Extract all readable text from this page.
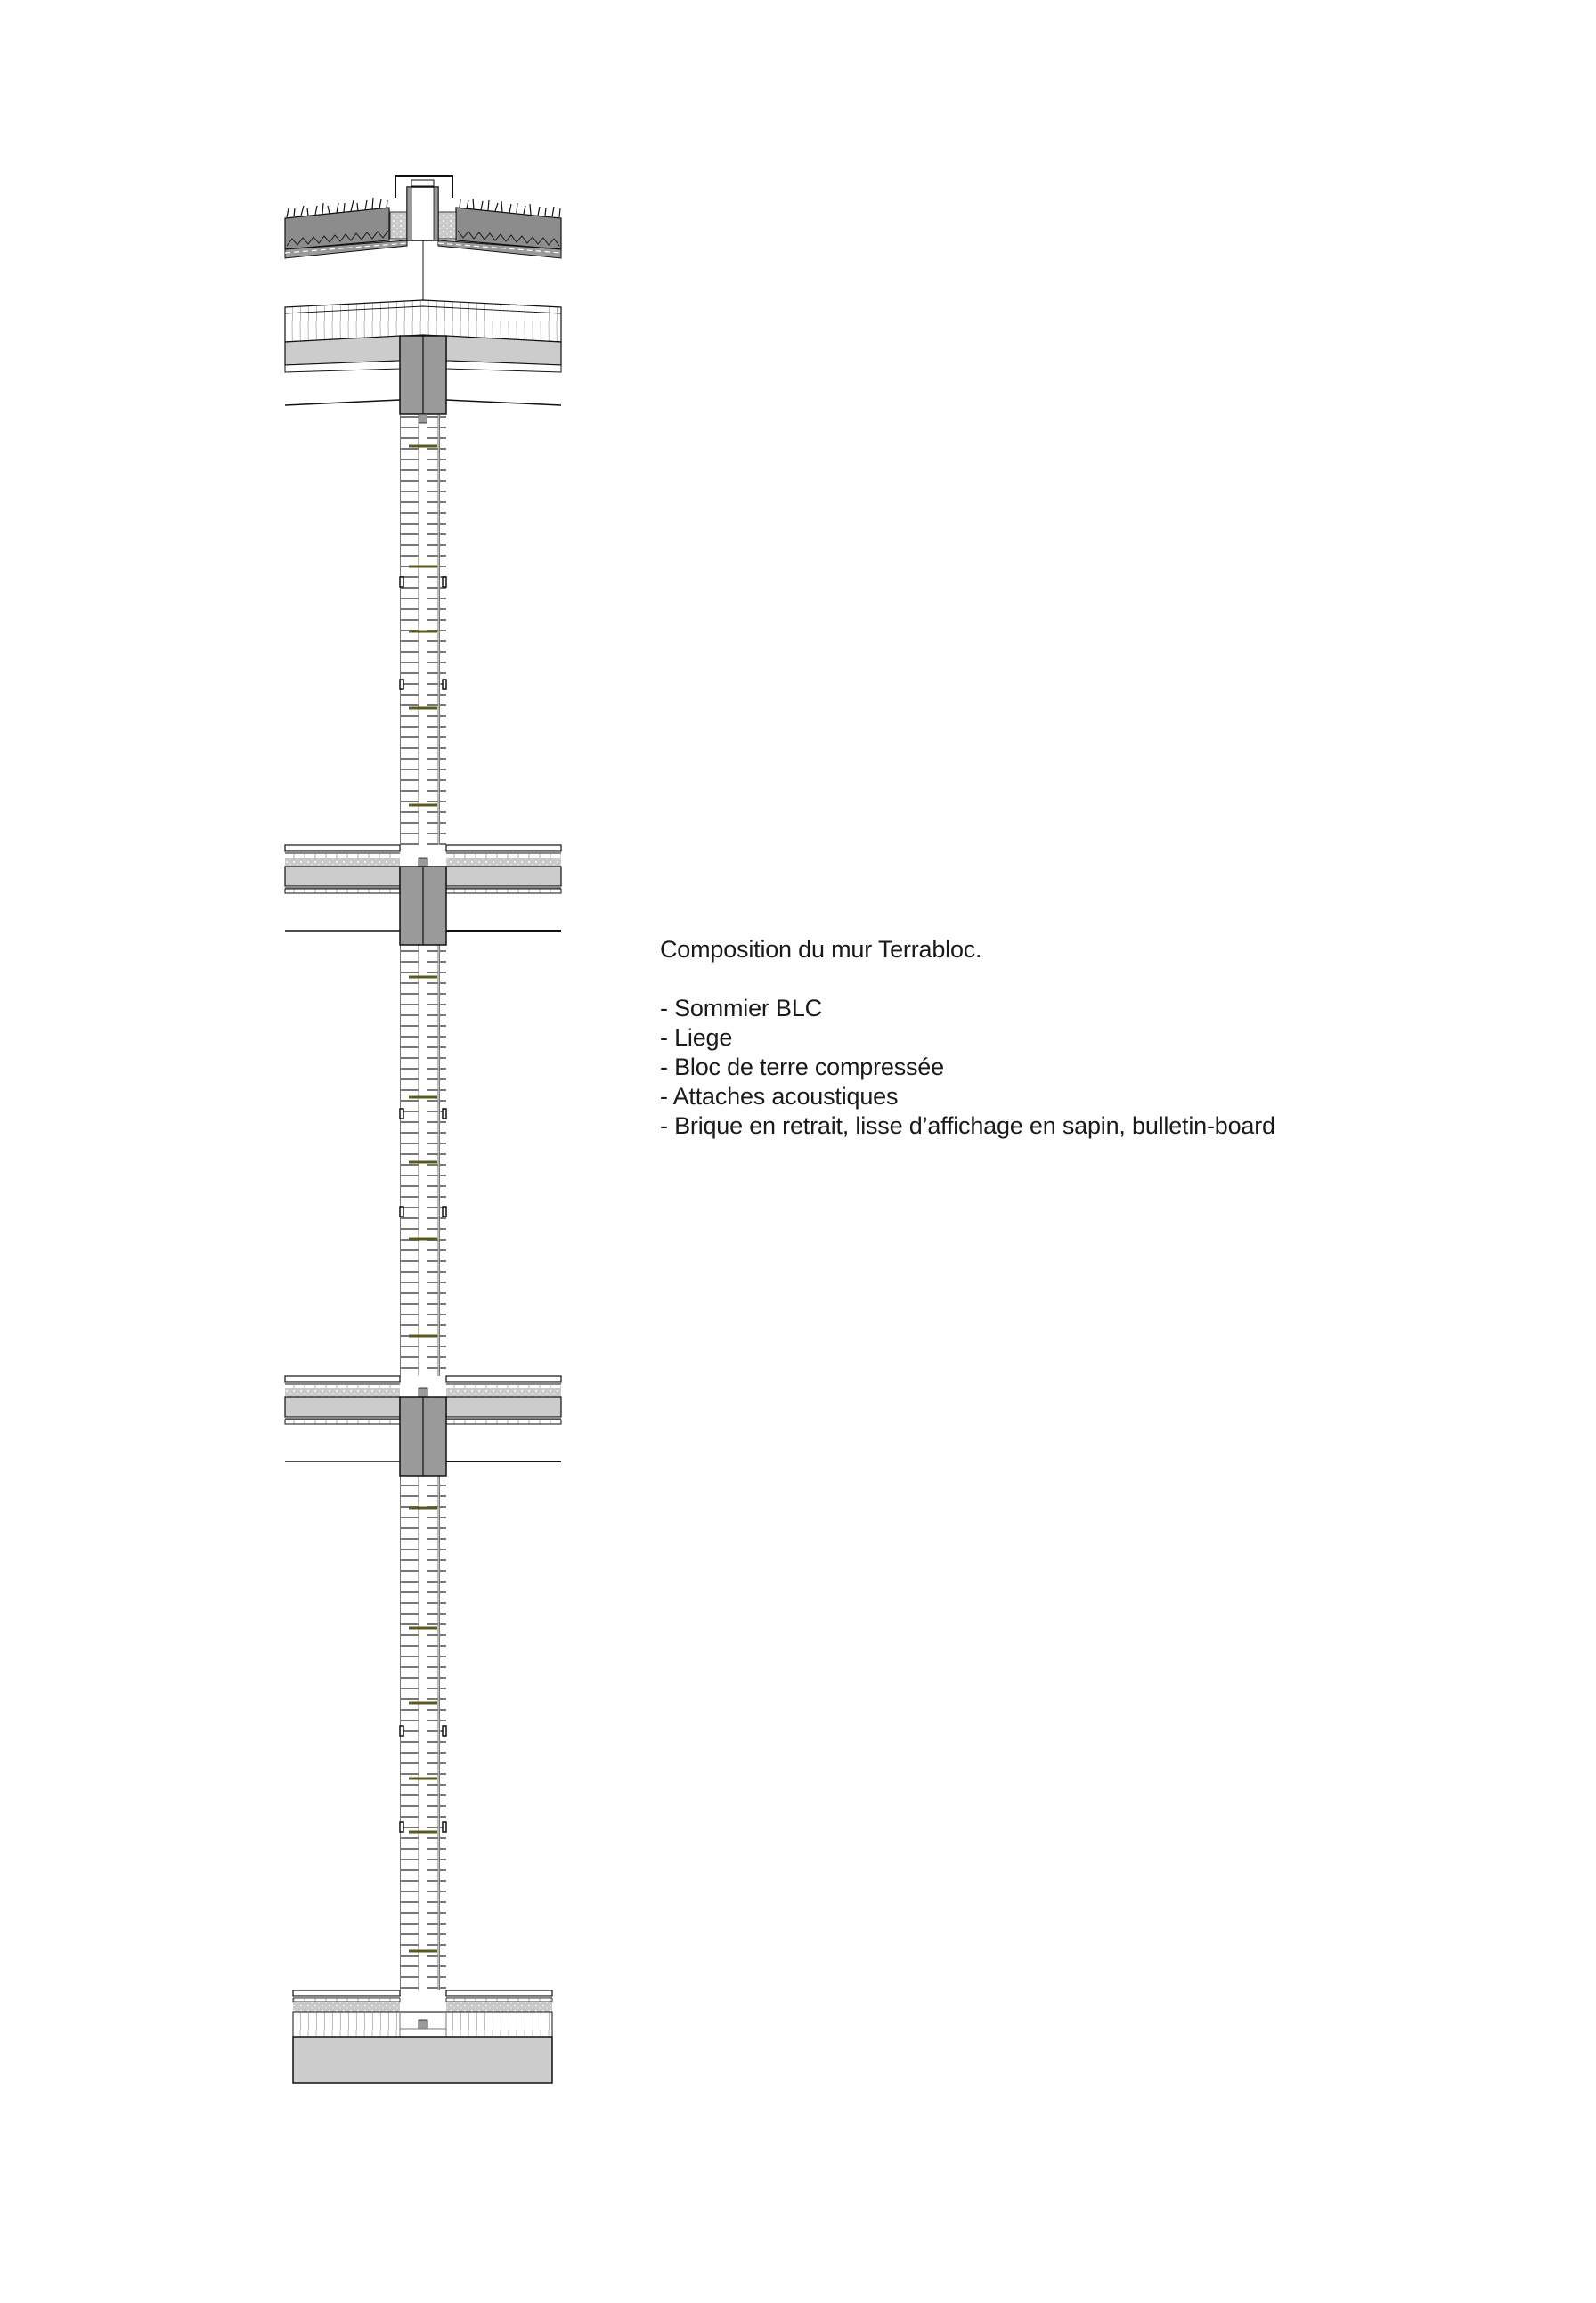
Composition du mur Terrabloc.
- Sommier BLC
- Liege
- Bloc de terre compressée
- Attaches acoustiques
- Brique en retrait, lisse d’affichage en sapin, bulletin-board
